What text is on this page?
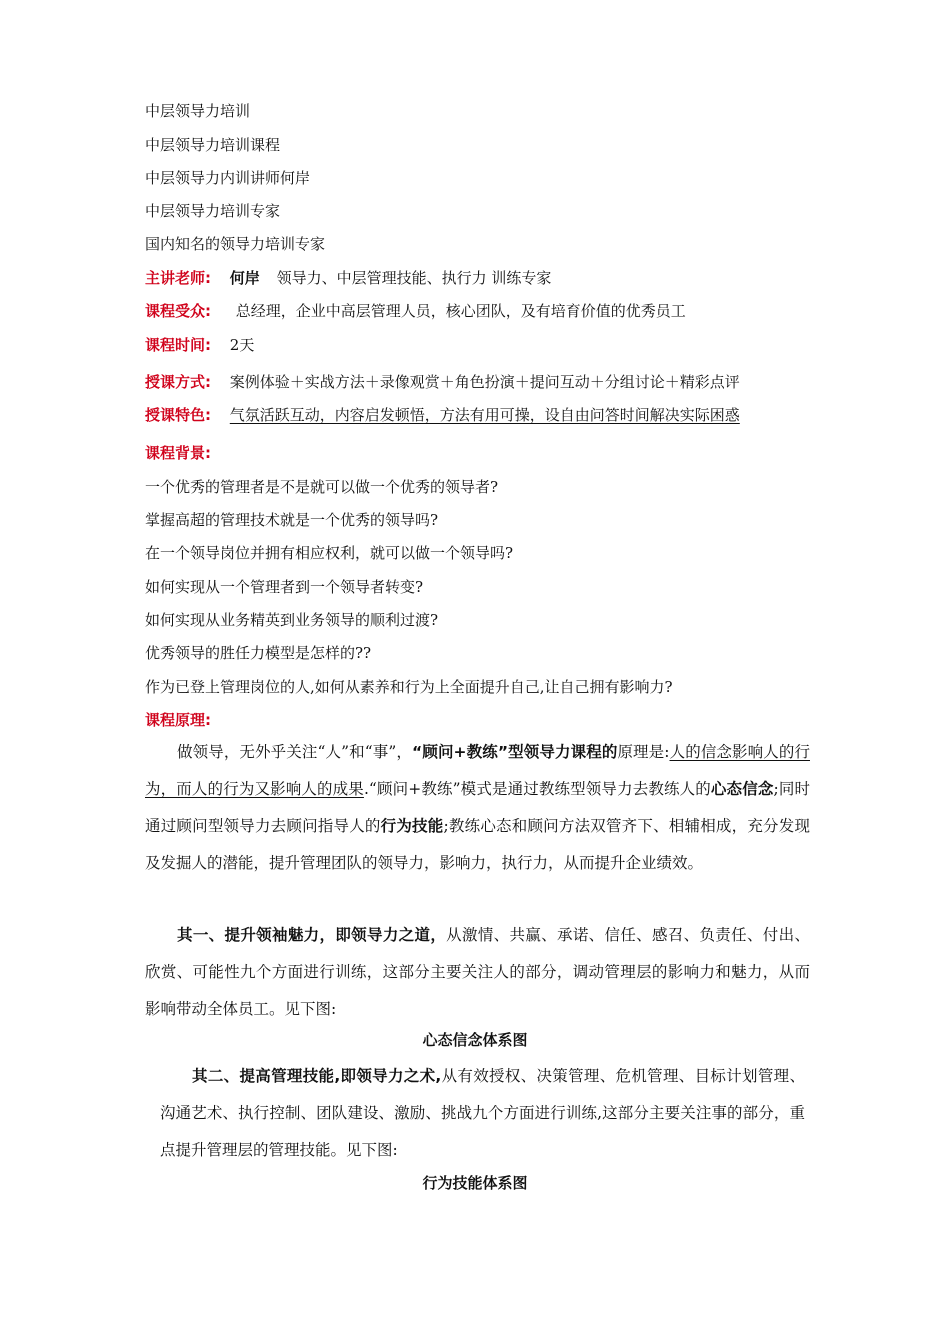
中层领导力培训
中层领导力培训课程
中层领导力内训讲师何岸
中层领导力培训专家
国内知名的领导力培训专家
主讲老师: 何岸 领导力、中层管理技能、执行力 训练专家
课程受众: 总经理，企业中高层管理人员，核心团队，及有培育价值的优秀员工
课程时间: 2天
授课方式: 案例体验＋实战方法＋录像观赏＋角色扮演＋提问互动＋分组讨论＋精彩点评
授课特色: 气氛活跃互动，内容启发顿悟，方法有用可操，设自由问答时间解决实际困惑
课程背景:
一个优秀的管理者是不是就可以做一个优秀的领导者?
掌握高超的管理技术就是一个优秀的领导吗?
在一个领导岗位并拥有相应权利，就可以做一个领导吗?
如何实现从一个管理者到一个领导者转变?
如何实现从业务精英到业务领导的顺利过渡?
优秀领导的胜任力模型是怎样的??
作为已登上管理岗位的人,如何从素养和行为上全面提升自己,让自己拥有影响力?
课程原理:
做领导，无外乎关注“人”和“事”，“顾问+教练”型领导力课程的原理是:人的信念影响人的行为，而人的行为又影响人的成果.“顾问+教练”模式是通过教练型领导力去教练人的心态信念;同时通过顾问型领导力去顾问指导人的行为技能;教练心态和顾问方法双管齐下、相辅相成，充分发现及发掘人的潜能，提升管理团队的领导力，影响力，执行力，从而提升企业绩效。
其一、提升领袖魅力，即领导力之道，从激情、共赢、承诺、信任、感召、负责任、付出、欣赏、可能性九个方面进行训练，这部分主要关注人的部分，调动管理层的影响力和魅力，从而影响带动全体员工。见下图:
心态信念体系图
其二、提高管理技能,即领导力之术,从有效授权、决策管理、危机管理、目标计划管理、沟通艺术、执行控制、团队建设、激励、挑战九个方面进行训练,这部分主要关注事的部分，重点提升管理层的管理技能。见下图:
行为技能体系图
